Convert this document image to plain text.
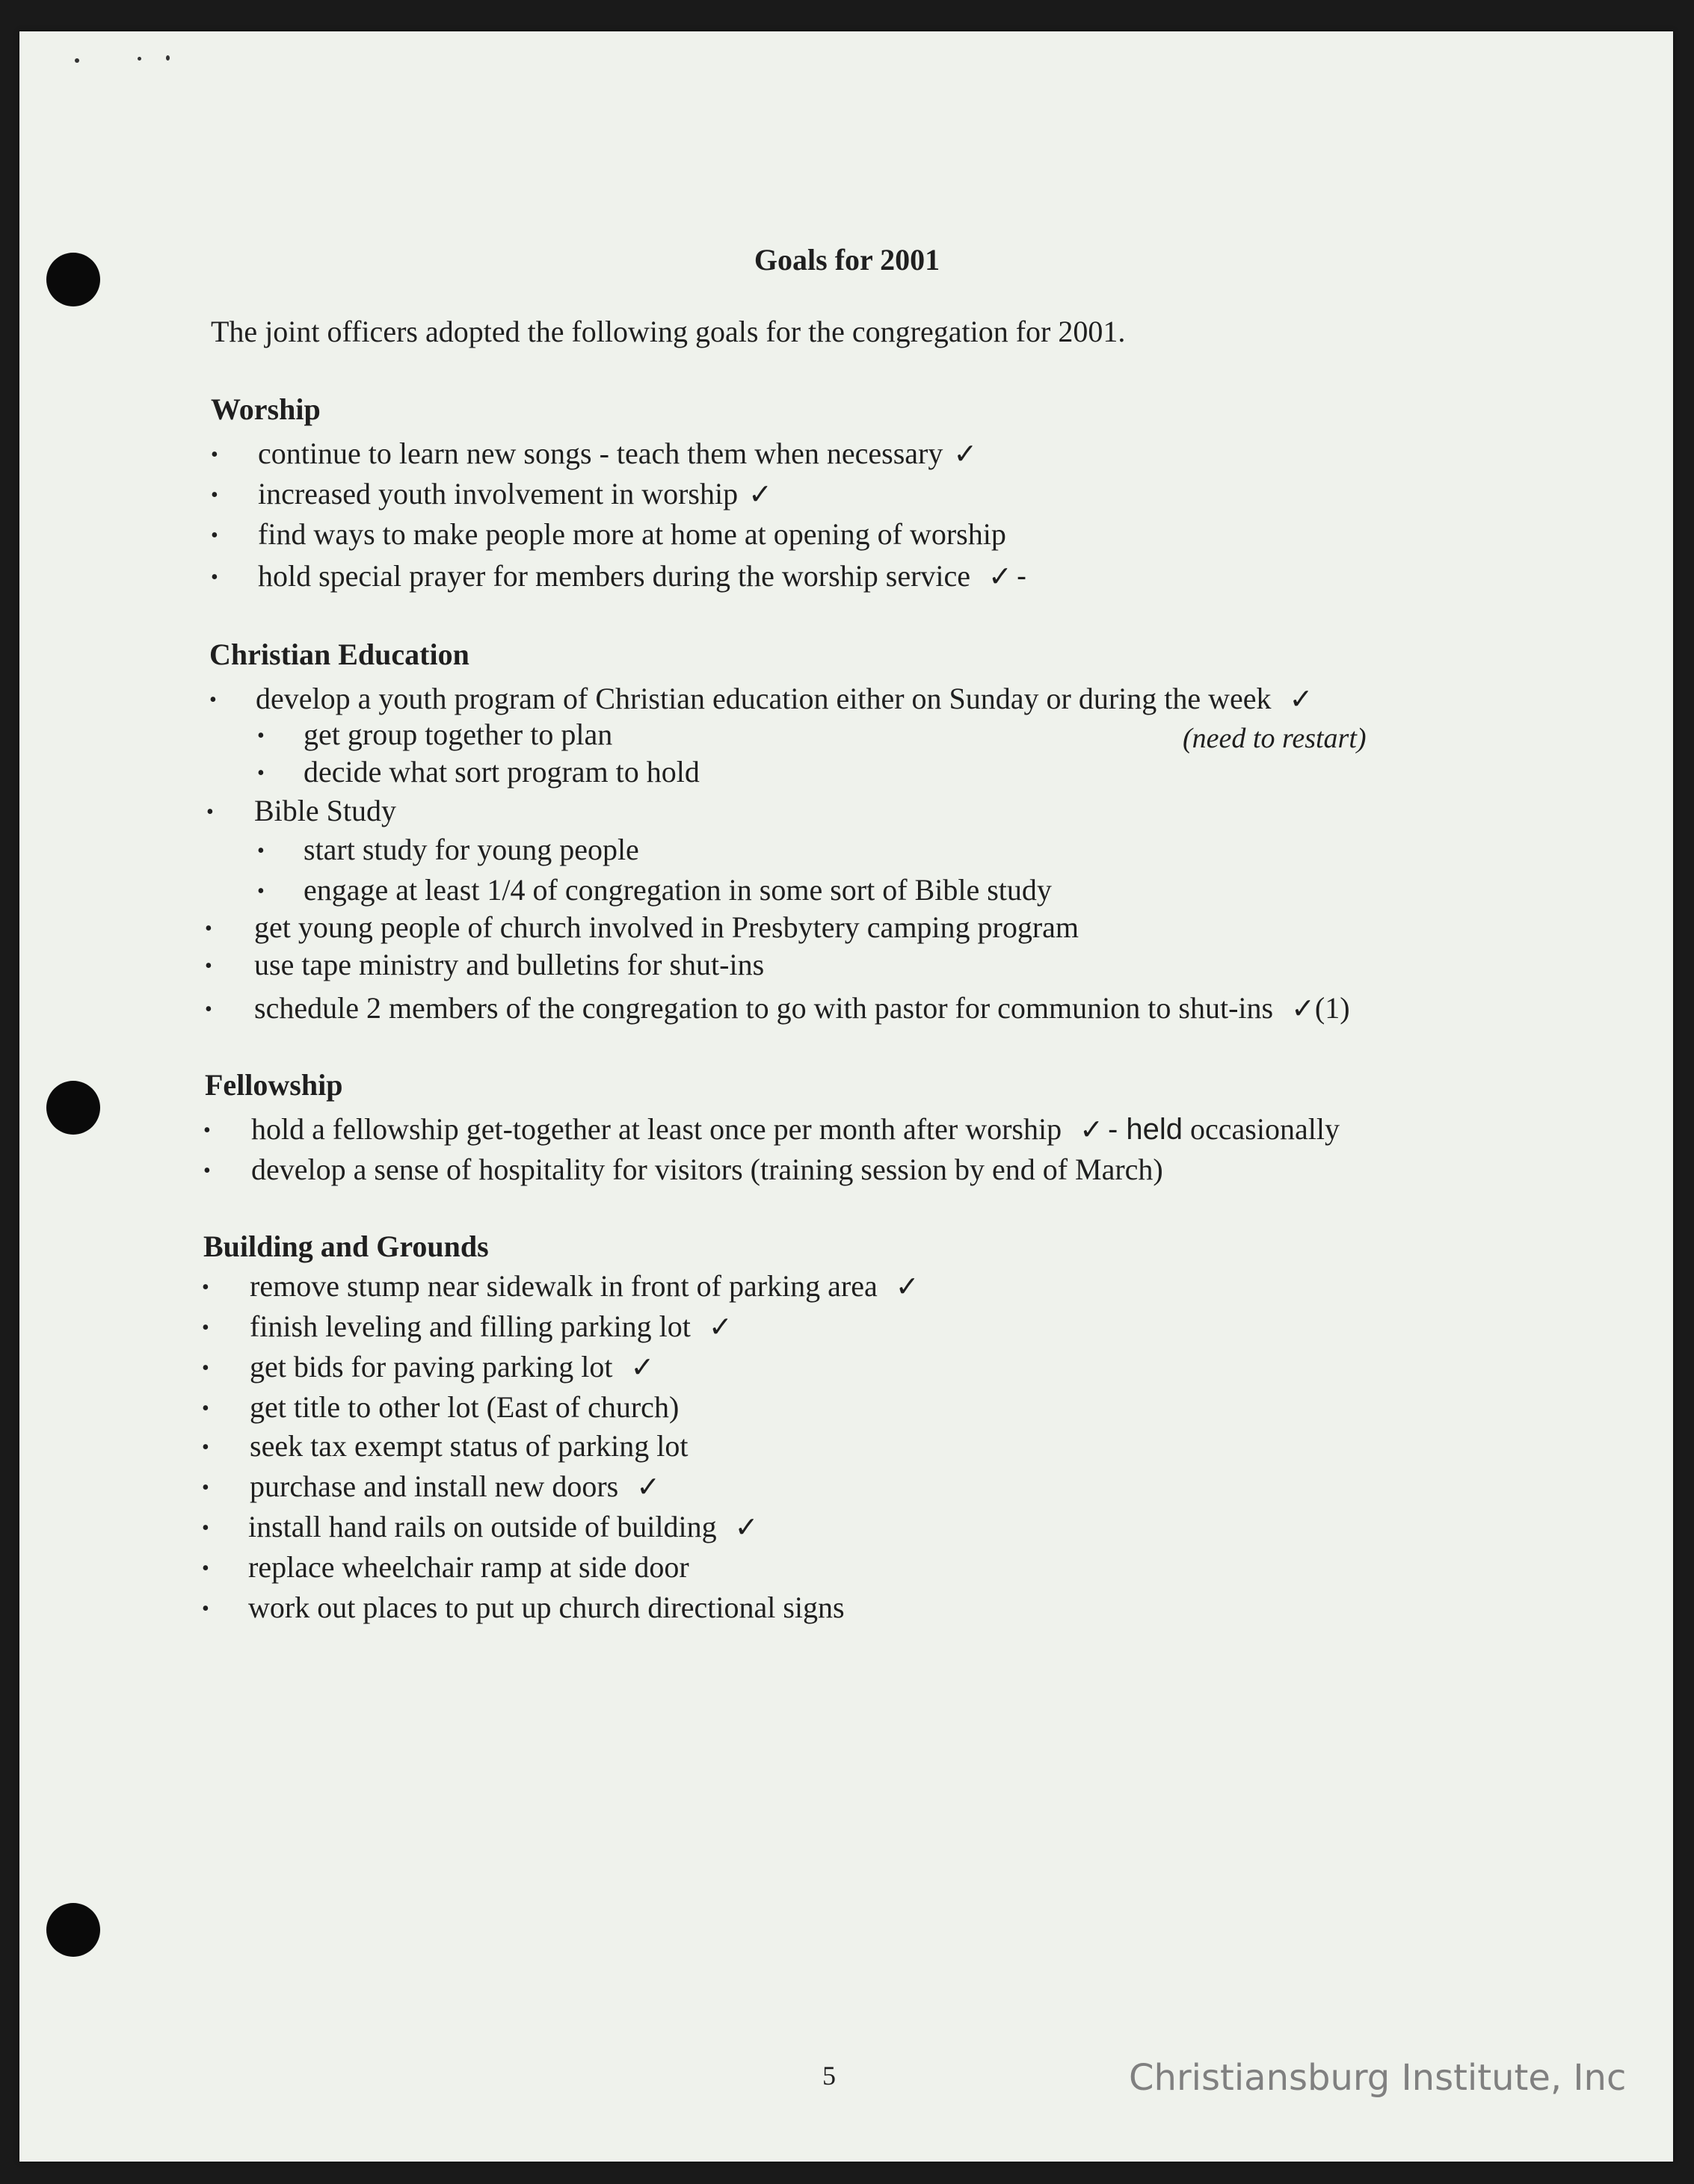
Goals for 2001
The joint officers adopted the following goals for the congregation for 2001.
Worship
• continue to learn new songs - teach them when necessary ✓
• increased youth involvement in worship ✓
• find ways to make people more at home at opening of worship
• hold special prayer for members during the worship service ✓ -
Christian Education
• develop a youth program of Christian education either on Sunday or during the week ✓
• get group together to plan	(need to restart)
• decide what sort program to hold
• Bible Study
• start study for young people
• engage at least 1/4 of congregation in some sort of Bible study
• get young people of church involved in Presbytery camping program
• use tape ministry and bulletins for shut-ins
• schedule 2 members of the congregation to go with pastor for communion to shut-ins ✓(1)
Fellowship
• hold a fellowship get-together at least once per month after worship ✓ - held occasionally
• develop a sense of hospitality for visitors (training session by end of March)
Building and Grounds
• remove stump near sidewalk in front of parking area ✓
• finish leveling and filling parking lot ✓
• get bids for paving parking lot ✓
• get title to other lot (East of church)
• seek tax exempt status of parking lot
• purchase and install new doors ✓
• install hand rails on outside of building ✓
• replace wheelchair ramp at side door
• work out places to put up church directional signs
5	Christiansburg Institute, Inc
